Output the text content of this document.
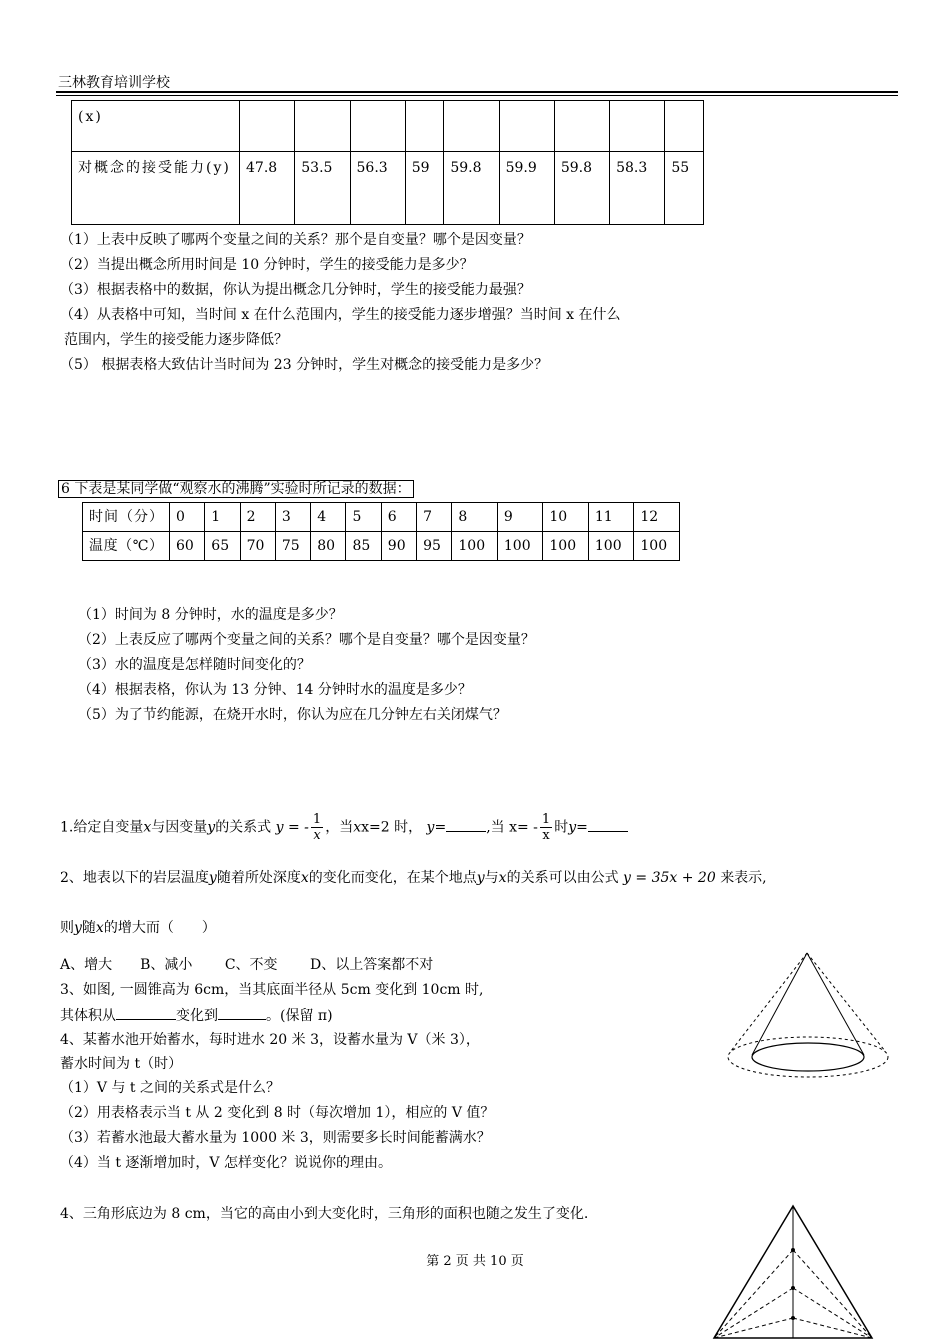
三林教育培训学校
(x)									
对概念的接受能力(y)	47.8	53.5	56.3	59	59.8	59.9	59.8	58.3	55
（1）上表中反映了哪两个变量之间的关系？那个是自变量？哪个是因变量？
（2）当提出概念所用时间是 10 分钟时，学生的接受能力是多少？
（3）根据表格中的数据，你认为提出概念几分钟时，学生的接受能力最强？
（4）从表格中可知，当时间 x 在什么范围内，学生的接受能力逐步增强？当时间 x 在什么
范围内，学生的接受能力逐步降低？
（5） 根据表格大致估计当时间为 23 分钟时，学生对概念的接受能力是多少？
6 下表是某同学做“观察水的沸腾”实验时所记录的数据：
时间（分）	0	1	2	3	4	5	6	7	8	9	10	11	12
温度（℃）	60	65	70	75	80	85	90	95	100	100	100	100	100
（1）时间为 8 分钟时，水的温度是多少？
（2）上表反应了哪两个变量之间的关系？哪个是自变量？哪个是因变量？
（3）水的温度是怎样随时间变化的？
（4）根据表格，你认为 13 分钟、14 分钟时水的温度是多少？
（5）为了节约能源，在烧开水时，你认为应在几分钟左右关闭煤气？
1.给定自变量x与因变量y的关系式 y = - $\frac{1}{x}$ ，当xx=2 时， y=	,当 $x= - \frac{1}{x}$ 时y=
2、地表以下的岩层温度y随着所处深度x的变化而变化，在某个地点y与x的关系可以由公式 y = 35x + 20 来表示,
则y随x的增大而（　　）
A、增大　　B、减小　　 C、不变　　 D、以上答案都不对
3、如图, 一圆锥高为 6cm，当其底面半径从 5cm 变化到 10cm 时,
其体积从	变化到	。(保留 π)
4、某蓄水池开始蓄水，每时进水 20 米 3，设蓄水量为 V（米 3），
蓄水时间为 t（时）
（1）V 与 t 之间的关系式是什么？
（2）用表格表示当 t 从 2 变化到 8 时（每次增加 1），相应的 V 值？
（3）若蓄水池最大蓄水量为 1000 米 3，则需要多长时间能蓄满水？
（4）当 t 逐渐增加时，V 怎样变化？说说你的理由。
4、三角形底边为 8 cm，当它的高由小到大变化时，三角形的面积也随之发生了变化.
第 2 页 共 10 页
